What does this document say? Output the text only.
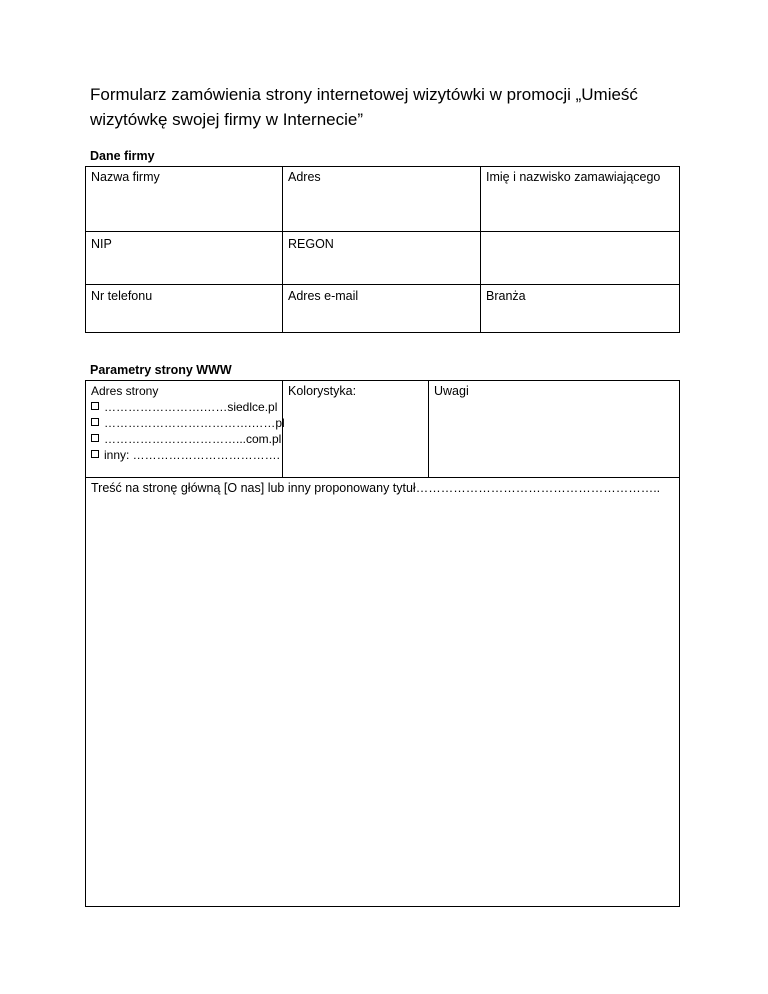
Formularz zamówienia strony internetowej wizytówki w promocji „Umieść wizytówkę swojej firmy w Internecie”
Dane firmy
Nazwa firmy	Adres	Imię i nazwisko zamawiającego
NIP	REGON	
Nr telefonu	Adres e-mail	Branża
Parametry strony WWW
Adres strony
…………………….……siedlce.pl
……………………………….……pl
……………………………...com.pl
inny: ……………………………….
	Kolorystyka:	Uwagi
Treść na stronę główną [O nas] lub inny proponowany tytuł…………………………………………………..
